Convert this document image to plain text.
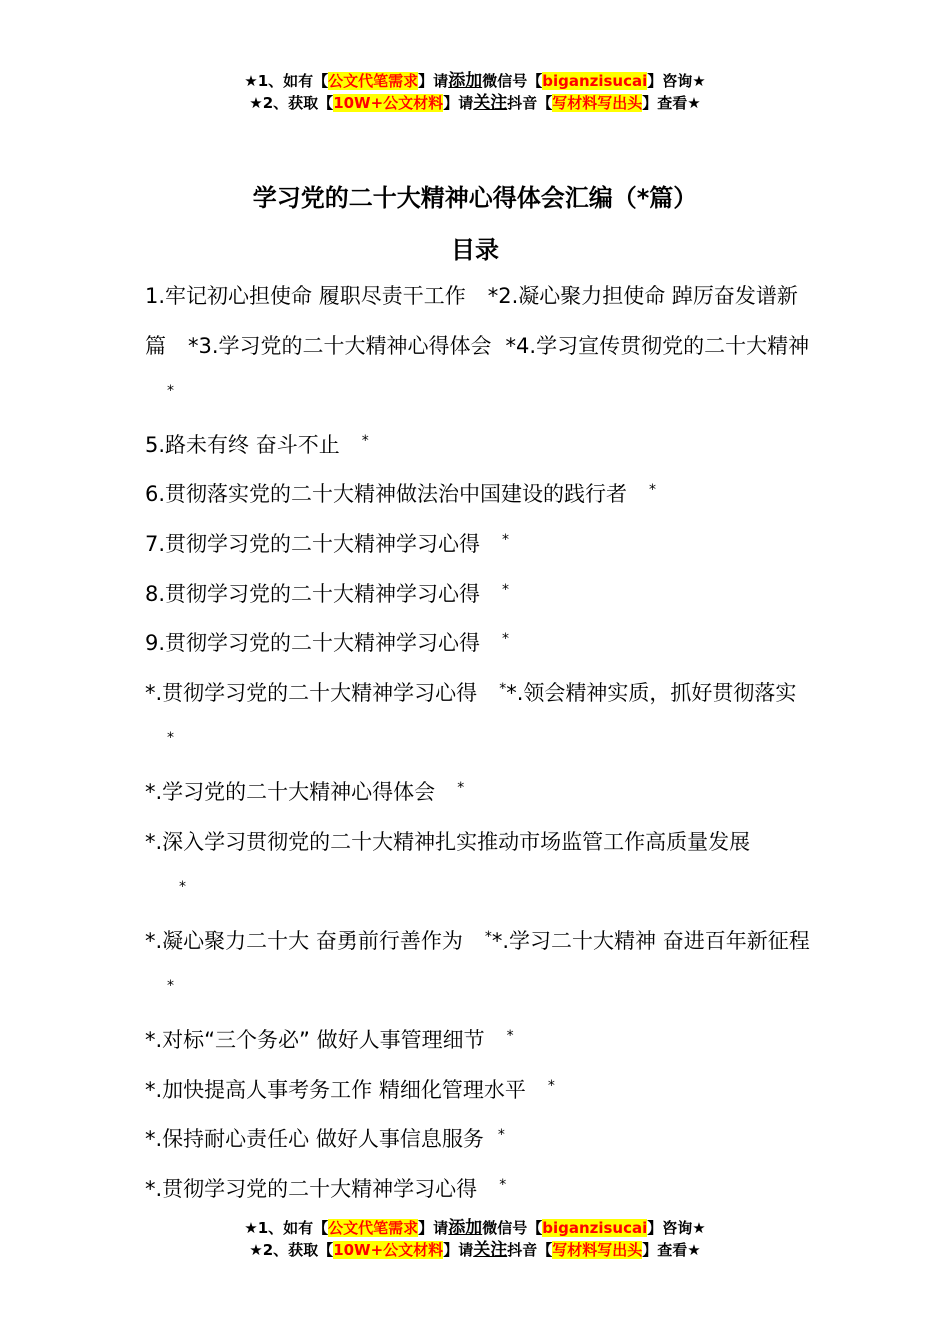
★1、如有【公文代笔需求】请添加微信号【biganzisucai】咨询★
★2、获取【10W+公文材料】请关注抖音【写材料写出头】查看★
学习党的二十大精神心得体会汇编（*篇）
目录

1.牢记初心担使命 履职尽责干工作 *2.凝心聚力担使命 踔厉奋发谱新篇 *3.学习党的二十大精神心得体会 *4.学习宣传贯彻党的二十大精神*

5.路未有终 奋斗不止 *

6.贯彻落实党的二十大精神做法治中国建设的践行者 *

7.贯彻学习党的二十大精神学习心得 *

8.贯彻学习党的二十大精神学习心得 *

9.贯彻学习党的二十大精神学习心得 *

*.贯彻学习党的二十大精神学习心得 **.领会精神实质，抓好贯彻落实*

*.学习党的二十大精神心得体会 *

*.深入学习贯彻党的二十大精神扎实推动市场监管工作高质量发展

*

*.凝心聚力二十大 奋勇前行善作为 **.学习二十大精神 奋进百年新征程*

*.对标“三个务必” 做好人事管理细节 *

*.加快提高人事考务工作 精细化管理水平 *

*.保持耐心责任心 做好人事信息服务 *

*.贯彻学习党的二十大精神学习心得 *

★1、如有【公文代笔需求】请添加微信号【biganzisucai】咨询★
★2、获取【10W+公文材料】请关注抖音【写材料写出头】查看★
